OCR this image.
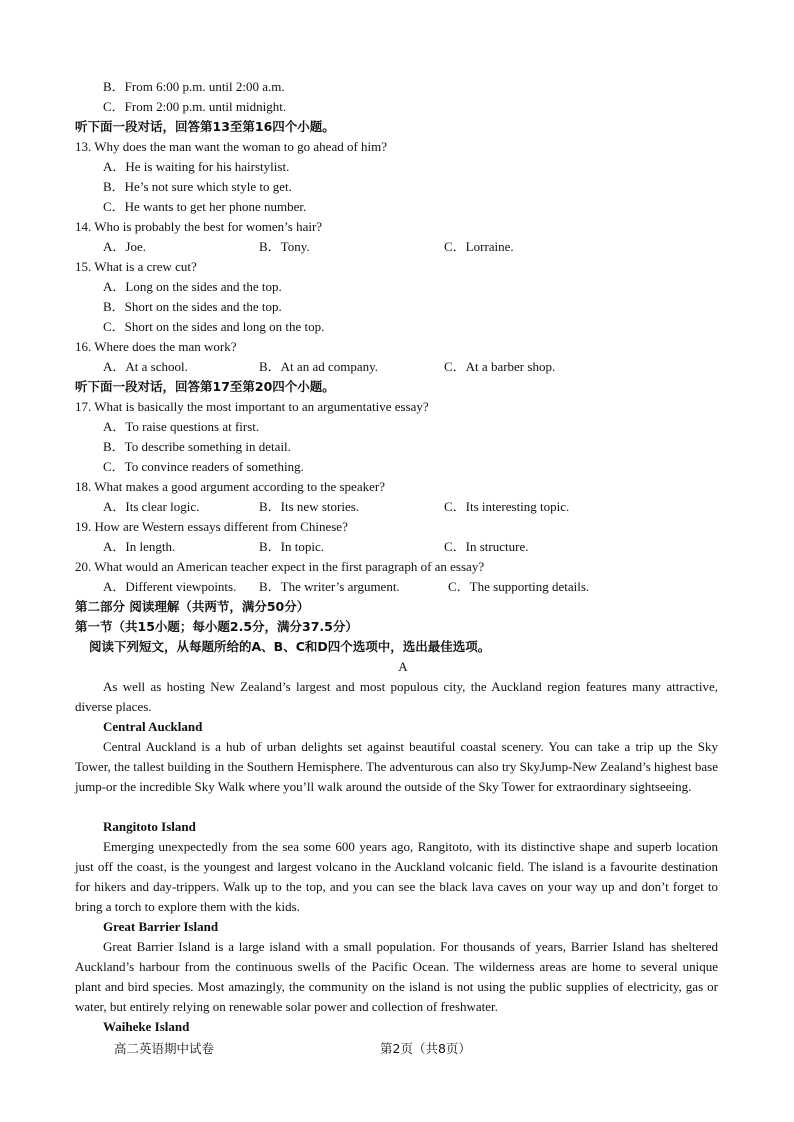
B．From 6:00 p.m. until 2:00 a.m.
C．From 2:00 p.m. until midnight.
听下面一段对话，回答第13至第16四个小题。
13. Why does the man want the woman to go ahead of him?
A．He is waiting for his hairstylist.
B．He’s not sure which style to get.
C．He wants to get her phone number.
14. Who is probably the best for women’s hair?
A．Joe.	B．Tony.	C．Lorraine.
15. What is a crew cut?
A．Long on the sides and the top.
B．Short on the sides and the top.
C．Short on the sides and long on the top.
16. Where does the man work?
A．At a school.	B．At an ad company.	C．At a barber shop.
听下面一段对话，回答第17至第20四个小题。
17. What is basically the most important to an argumentative essay?
A．To raise questions at first.
B．To describe something in detail.
C．To convince readers of something.
18. What makes a good argument according to the speaker?
A．Its clear logic.	B．Its new stories.	C．Its interesting topic.
19. How are Western essays different from Chinese?
A．In length.	B．In topic.	C．In structure.
20. What would an American teacher expect in the first paragraph of an essay?
A．Different viewpoints. B．The writer’s argument.	C．The supporting details.
第二部分 阅读理解（共两节，满分50分）
第一节（共15小题；每小题2.5分，满分37.5分）
阅读下列短文，从每题所给的A、B、C和D四个选项中，选出最佳选项。
A
As well as hosting New Zealand’s largest and most populous city, the Auckland region features many attractive, diverse places.
Central Auckland
Central Auckland is a hub of urban delights set against beautiful coastal scenery. You can take a trip up the Sky Tower, the tallest building in the Southern Hemisphere. The adventurous can also try SkyJump-New Zealand’s highest base jump-or the incredible Sky Walk where you’ll walk around the outside of the Sky Tower for extraordinary sightseeing.
Rangitoto Island
Emerging unexpectedly from the sea some 600 years ago, Rangitoto, with its distinctive shape and superb location just off the coast, is the youngest and largest volcano in the Auckland volcanic field. The island is a favourite destination for hikers and day-trippers. Walk up to the top, and you can see the black lava caves on your way up and don’t forget to bring a torch to explore them with the kids.
Great Barrier Island
Great Barrier Island is a large island with a small population. For thousands of years, Barrier Island has sheltered Auckland’s harbour from the continuous swells of the Pacific Ocean. The wilderness areas are home to several unique plant and bird species. Most amazingly, the community on the island is not using the public supplies of electricity, gas or water, but entirely relying on renewable solar power and collection of freshwater.
Waiheke Island
高二英语期中试卷	第2页（共8页）
